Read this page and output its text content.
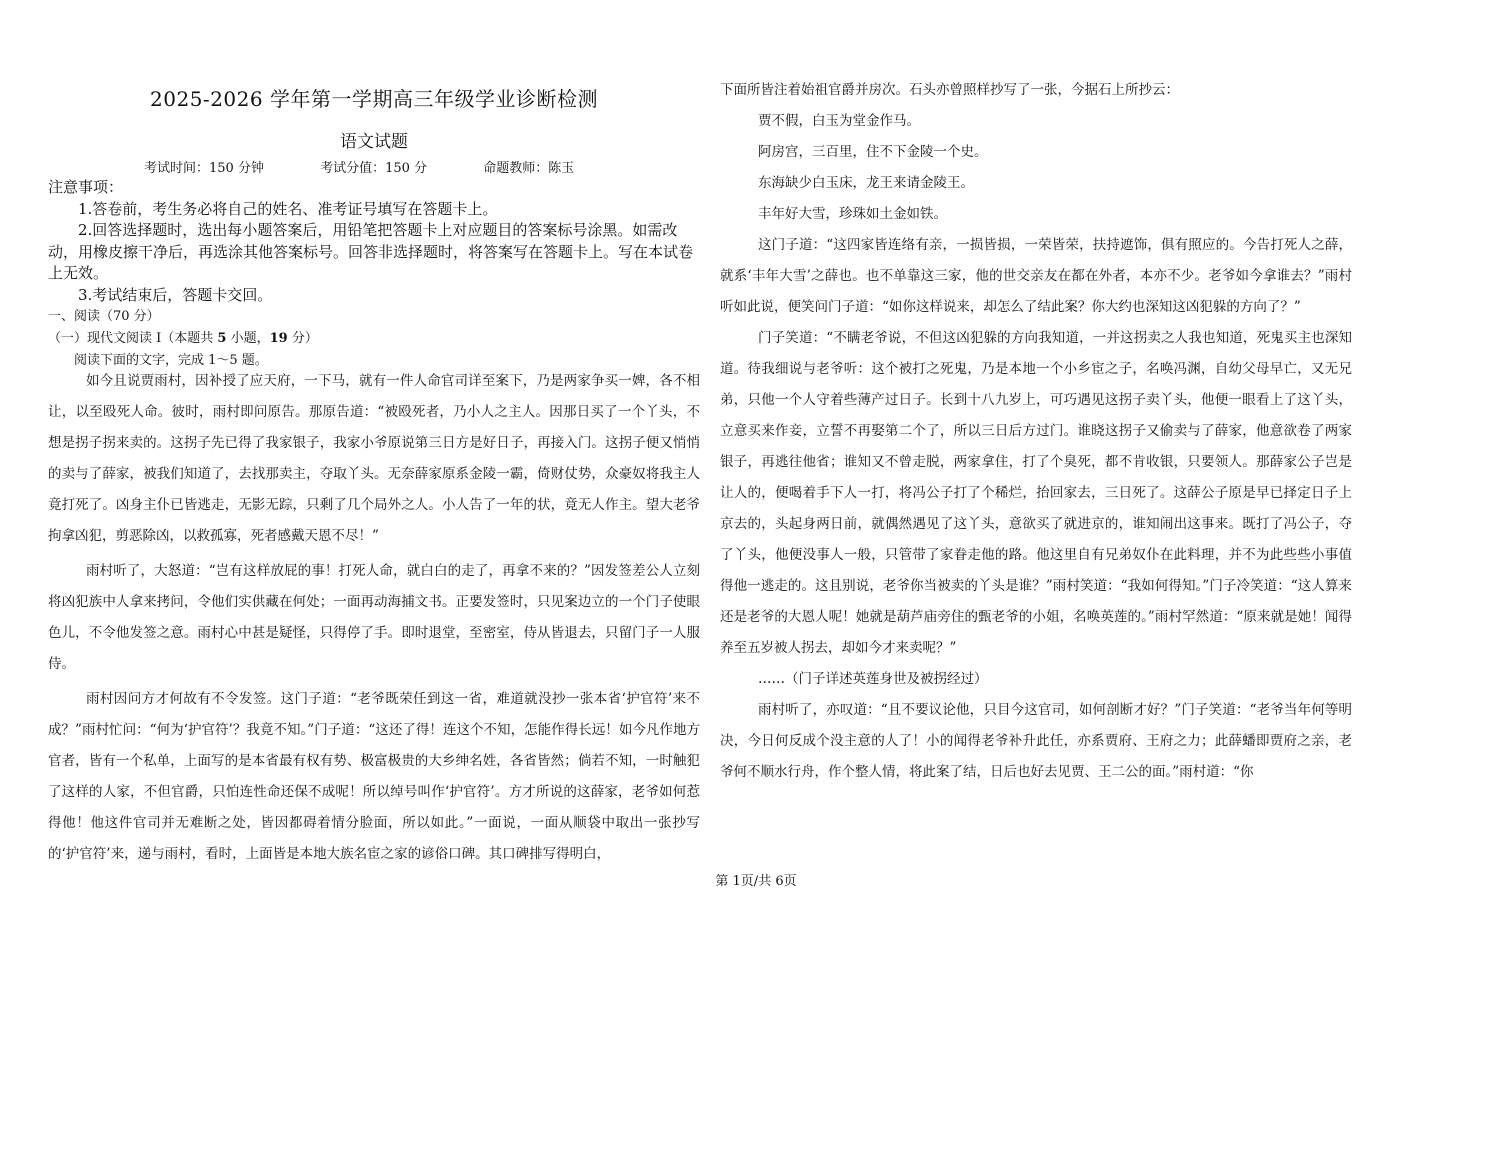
2025-2026 学年第一学期高三年级学业诊断检测
语文试题
考试时间：150 分钟	考试分值：150 分	命题教师：陈玉

注意事项：

1.答卷前，考生务必将自己的姓名、准考证号填写在答题卡上。

2.回答选择题时，选出每小题答案后，用铅笔把答题卡上对应题目的答案标号涂黑。如需改动，用橡皮擦干净后，再选涂其他答案标号。回答非选择题时，将答案写在答题卡上。写在本试卷上无效。

3.考试结束后，答题卡交回。

一、阅读（70 分）
（一）现代文阅读 I（本题共 5 小题，19 分）
阅读下面的文字，完成 1～5 题。

如今且说贾雨村，因补授了应天府，一下马，就有一件人命官司详至案下，乃是两家争买一婢，各不相让，以至殴死人命。彼时，雨村即问原告。那原告道：“被殴死者，乃小人之主人。因那日买了一个丫头，不想是拐子拐来卖的。这拐子先已得了我家银子，我家小爷原说第三日方是好日子，再接入门。这拐子便又悄悄的卖与了薛家，被我们知道了，去找那卖主，夺取丫头。无奈薛家原系金陵一霸，倚财仗势，众豪奴将我主人竟打死了。凶身主仆已皆逃走，无影无踪，只剩了几个局外之人。小人告了一年的状，竟无人作主。望大老爷拘拿凶犯，剪恶除凶，以救孤寡，死者感戴天恩不尽！”

雨村听了，大怒道：“岂有这样放屁的事！打死人命，就白白的走了，再拿不来的？”因发签差公人立刻将凶犯族中人拿来拷问，令他们实供藏在何处；一面再动海捕文书。正要发签时，只见案边立的一个门子使眼色儿，不令他发签之意。雨村心中甚是疑怪，只得停了手。即时退堂，至密室，侍从皆退去，只留门子一人服侍。

雨村因问方才何故有不令发签。这门子道：“老爷既荣任到这一省，难道就没抄一张本省‘护官符’来不成？”雨村忙问：“何为‘护官符’？我竟不知。”门子道：“这还了得！连这个不知，怎能作得长远！如今凡作地方官者，皆有一个私单，上面写的是本省最有权有势、极富极贵的大乡绅名姓，各省皆然；倘若不知，一时触犯了这样的人家，不但官爵，只怕连性命还保不成呢！所以绰号叫作‘护官符’。方才所说的这薛家，老爷如何惹得他！他这件官司并无难断之处，皆因都碍着情分脸面，所以如此。”一面说，一面从顺袋中取出一张抄写的‘护官符’来，递与雨村，看时，上面皆是本地大族名宦之家的谚俗口碑。其口碑排写得明白，

下面所皆注着始祖官爵并房次。石头亦曾照样抄写了一张，今据石上所抄云：

贾不假，白玉为堂金作马。

阿房宫，三百里，住不下金陵一个史。

东海缺少白玉床，龙王来请金陵王。

丰年好大雪，珍珠如土金如铁。

这门子道：“这四家皆连络有亲，一损皆损，一荣皆荣，扶持遮饰，俱有照应的。今告打死人之薛，就系‘丰年大雪’之薛也。也不单靠这三家，他的世交亲友在都在外者，本亦不少。老爷如今拿谁去？”雨村听如此说，便笑问门子道：“如你这样说来，却怎么了结此案？你大约也深知这凶犯躲的方向了？”

门子笑道：“不瞒老爷说，不但这凶犯躲的方向我知道，一并这拐卖之人我也知道，死鬼买主也深知道。待我细说与老爷听：这个被打之死鬼，乃是本地一个小乡宦之子，名唤冯渊，自幼父母早亡，又无兄弟，只他一个人守着些薄产过日子。长到十八九岁上，可巧遇见这拐子卖丫头，他便一眼看上了这丫头，立意买来作妾，立誓不再娶第二个了，所以三日后方过门。谁晓这拐子又偷卖与了薛家，他意欲卷了两家银子，再逃往他省；谁知又不曾走脱，两家拿住，打了个臭死，都不肯收银，只要领人。那薛家公子岂是让人的，便喝着手下人一打，将冯公子打了个稀烂，抬回家去，三日死了。这薛公子原是早已择定日子上京去的，头起身两日前，就偶然遇见了这丫头，意欲买了就进京的，谁知闹出这事来。既打了冯公子，夺了丫头，他便没事人一般，只管带了家眷走他的路。他这里自有兄弟奴仆在此料理，并不为此些些小事值得他一逃走的。这且别说，老爷你当被卖的丫头是谁？”雨村笑道：“我如何得知。”门子冷笑道：“这人算来还是老爷的大恩人呢！她就是葫芦庙旁住的甄老爷的小姐，名唤英莲的。”雨村罕然道：“原来就是她！闻得养至五岁被人拐去，却如今才来卖呢？”

……（门子详述英莲身世及被拐经过）

雨村听了，亦叹道：“且不要议论他，只目今这官司，如何剖断才好？”门子笑道：“老爷当年何等明决，今日何反成个没主意的人了！小的闻得老爷补升此任，亦系贾府、王府之力；此薛蟠即贾府之亲，老爷何不顺水行舟，作个整人情，将此案了结，日后也好去见贾、王二公的面。”雨村道：“你

第 1页/共 6页
